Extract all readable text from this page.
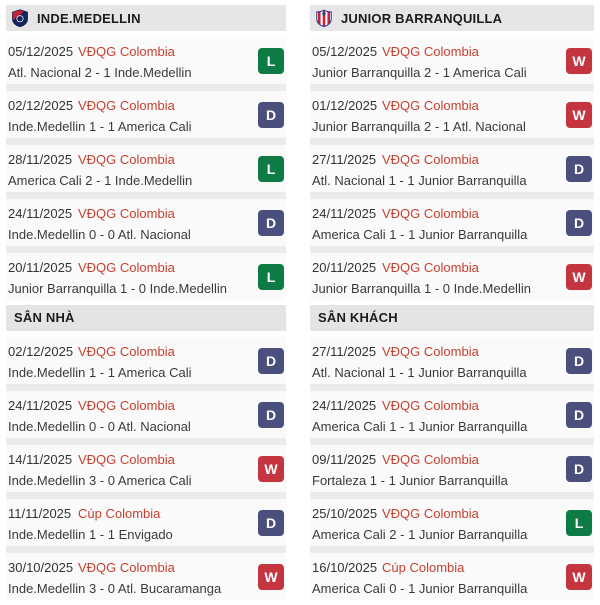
INDE.MEDELLIN
05/12/2025 VĐQG Colombia
Atl. Nacional 2 - 1 Inde.Medellin
L
02/12/2025 VĐQG Colombia
Inde.Medellin 1 - 1 America Cali
D
28/11/2025 VĐQG Colombia
America Cali 2 - 1 Inde.Medellin
L
24/11/2025 VĐQG Colombia
Inde.Medellin 0 - 0 Atl. Nacional
D
20/11/2025 VĐQG Colombia
Junior Barranquilla 1 - 0 Inde.Medellin
L
SÂN NHÀ
02/12/2025 VĐQG Colombia
Inde.Medellin 1 - 1 America Cali
D
24/11/2025 VĐQG Colombia
Inde.Medellin 0 - 0 Atl. Nacional
D
14/11/2025 VĐQG Colombia
Inde.Medellin 3 - 0 America Cali
W
11/11/2025 Cúp Colombia
Inde.Medellin 1 - 1 Envigado
D
30/10/2025 VĐQG Colombia
Inde.Medellin 3 - 0 Atl. Bucaramanga
W
JUNIOR BARRANQUILLA
05/12/2025 VĐQG Colombia
Junior Barranquilla 2 - 1 America Cali
W
01/12/2025 VĐQG Colombia
Junior Barranquilla 2 - 1 Atl. Nacional
W
27/11/2025 VĐQG Colombia
Atl. Nacional 1 - 1 Junior Barranquilla
D
24/11/2025 VĐQG Colombia
America Cali 1 - 1 Junior Barranquilla
D
20/11/2025 VĐQG Colombia
Junior Barranquilla 1 - 0 Inde.Medellin
W
SÂN KHÁCH
27/11/2025 VĐQG Colombia
Atl. Nacional 1 - 1 Junior Barranquilla
D
24/11/2025 VĐQG Colombia
America Cali 1 - 1 Junior Barranquilla
D
09/11/2025 VĐQG Colombia
Fortaleza 1 - 1 Junior Barranquilla
D
25/10/2025 VĐQG Colombia
America Cali 2 - 1 Junior Barranquilla
L
16/10/2025 Cúp Colombia
America Cali 0 - 1 Junior Barranquilla
W
